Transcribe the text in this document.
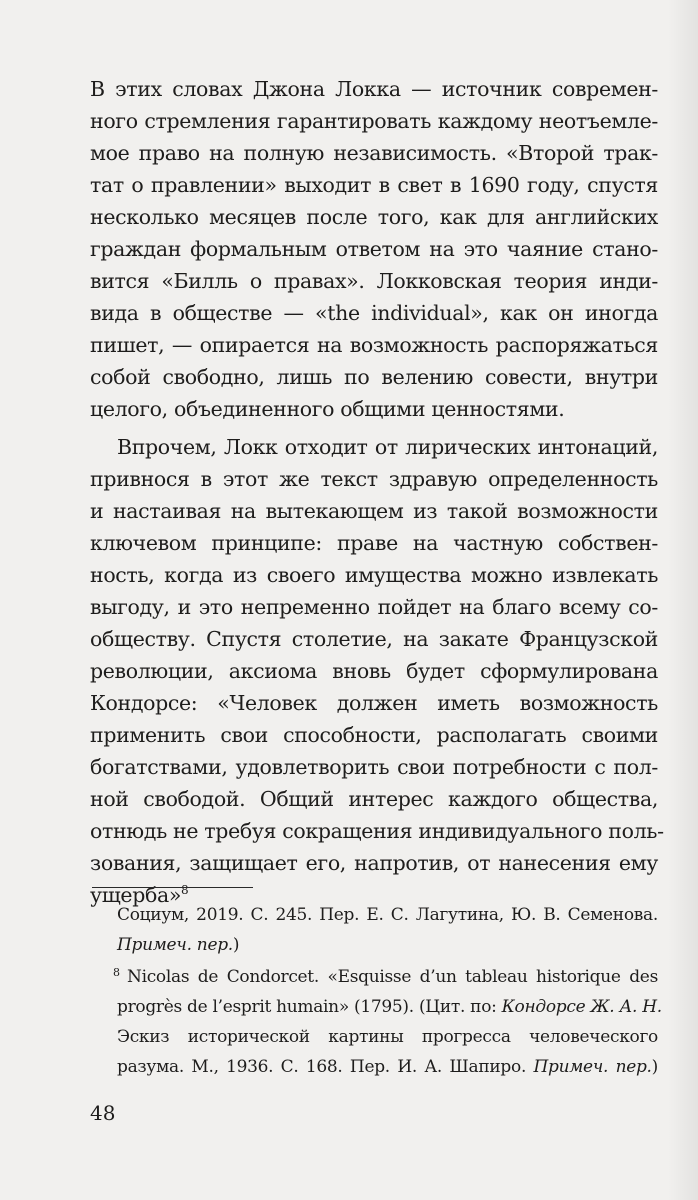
В этих словах Джона Локка — источник современ-
ного стремления гарантировать каждому неотъемле-
мое право на полную независимость. «Второй трак-
тат о правлении» выходит в свет в 1690 году, спустя
несколько месяцев после того, как для английских
граждан формальным ответом на это чаяние стано-
вится «Билль о правах». Локковская теория инди-
вида в обществе — «the individual», как он иногда
пишет, — опирается на возможность распоряжаться
собой свободно, лишь по велению совести, внутри
целого, объединенного общими ценностями.
Впрочем, Локк отходит от лирических интонаций,
привнося в этот же текст здравую определенность
и настаивая на вытекающем из такой возможности
ключевом принципе: праве на частную собствен-
ность, когда из своего имущества можно извлекать
выгоду, и это непременно пойдет на благо всему со-
обществу. Спустя столетие, на закате Французской
революции, аксиома вновь будет сформулирована
Кондорсе: «Человек должен иметь возможность
применить свои способности, располагать своими
богатствами, удовлетворить свои потребности с пол-
ной свободой. Общий интерес каждого общества,
отнюдь не требуя сокращения индивидуального поль-
зования, защищает его, напротив, от нанесения ему
ущерба»$^8$
Социум, 2019. С. 245. Пер. Е. С. Лагутина, Ю. В. Семенова.
Примеч. пер.)
8 Nicolas de Condorcet. «Esquisse d’un tableau historique des
progrès de l’esprit humain» (1795). (Цит. по: Кондорсе Ж. А. Н.
Эскиз исторической картины прогресса человеческого
разума. М., 1936. С. 168. Пер. И. А. Шапиро. Примеч. пер.)
48
